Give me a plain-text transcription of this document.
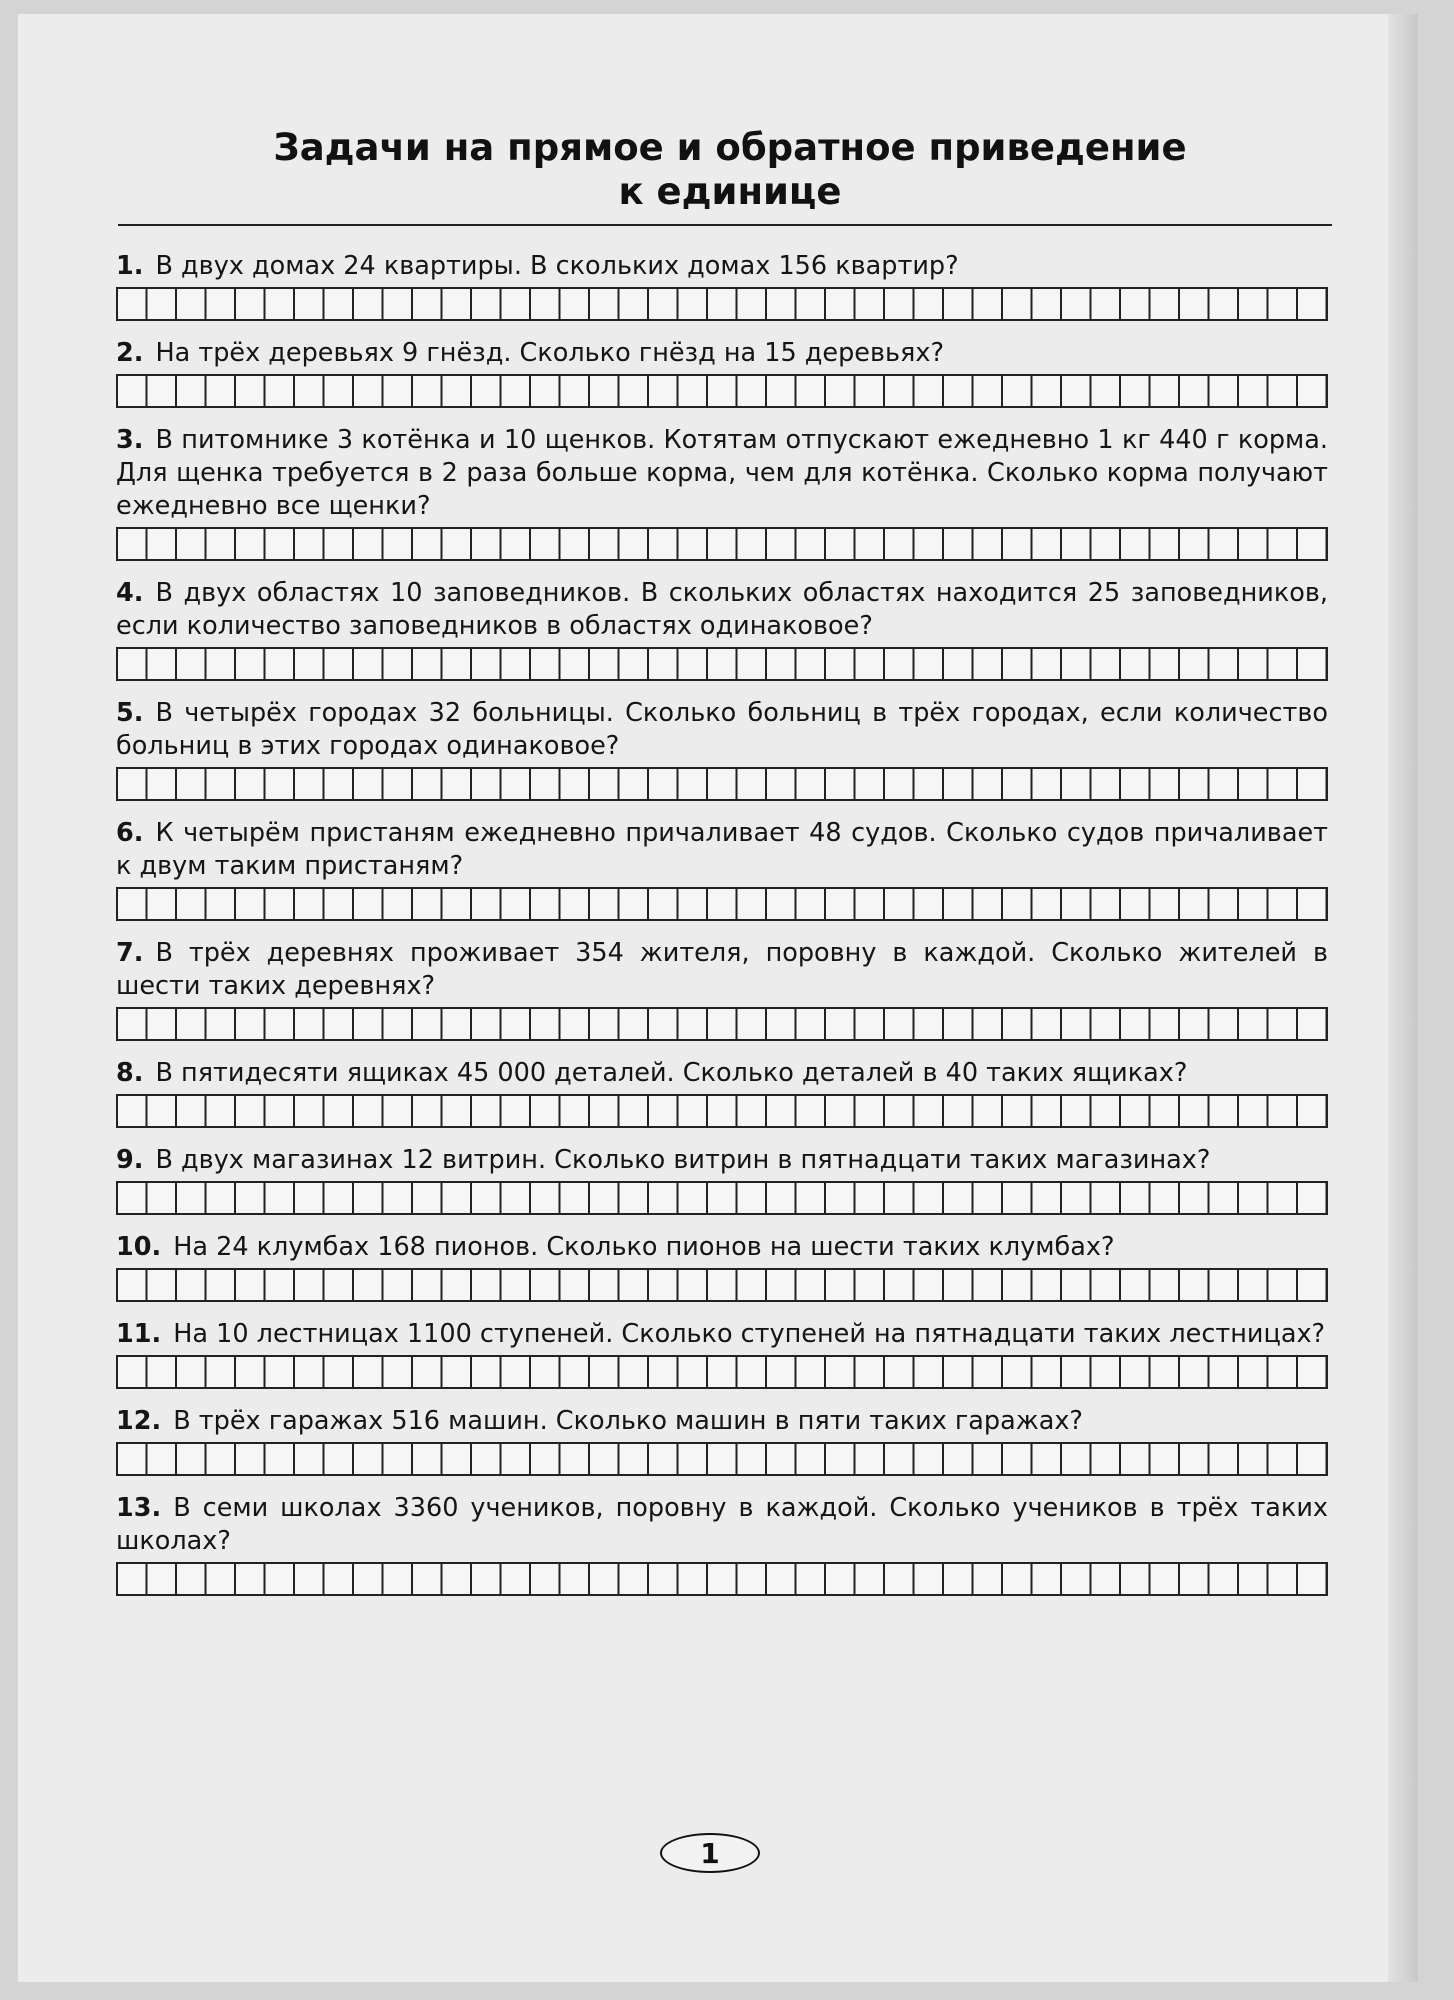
Задачи на прямое и обратное приведение
к единице

1. В двух домах 24 квартиры. В скольких домах 156 квартир?

2. На трёх деревьях 9 гнёзд. Сколько гнёзд на 15 деревьях?

3. В питомнике 3 котёнка и 10 щенков. Котятам отпускают ежедневно 1 кг 440 г корма. Для щенка требуется в 2 раза больше корма, чем для котёнка. Сколько корма получают ежедневно все щенки?

4. В двух областях 10 заповедников. В скольких областях находится 25 заповедников, если количество заповедников в областях одинаковое?

5. В четырёх городах 32 больницы. Сколько больниц в трёх городах, если количество больниц в этих городах одинаковое?

6. К четырём пристаням ежедневно причаливает 48 судов. Сколько судов причаливает к двум таким пристаням?

7. В трёх деревнях проживает 354 жителя, поровну в каждой. Сколько жителей в шести таких деревнях?

8. В пятидесяти ящиках 45 000 деталей. Сколько деталей в 40 таких ящиках?

9. В двух магазинах 12 витрин. Сколько витрин в пятнадцати таких магазинах?

10. На 24 клумбах 168 пионов. Сколько пионов на шести таких клумбах?

11. На 10 лестницах 1100 ступеней. Сколько ступеней на пятнадцати таких лестницах?

12. В трёх гаражах 516 машин. Сколько машин в пяти таких гаражах?

13. В семи школах 3360 учеников, поровну в каждой. Сколько учеников в трёх таких школах?

1
